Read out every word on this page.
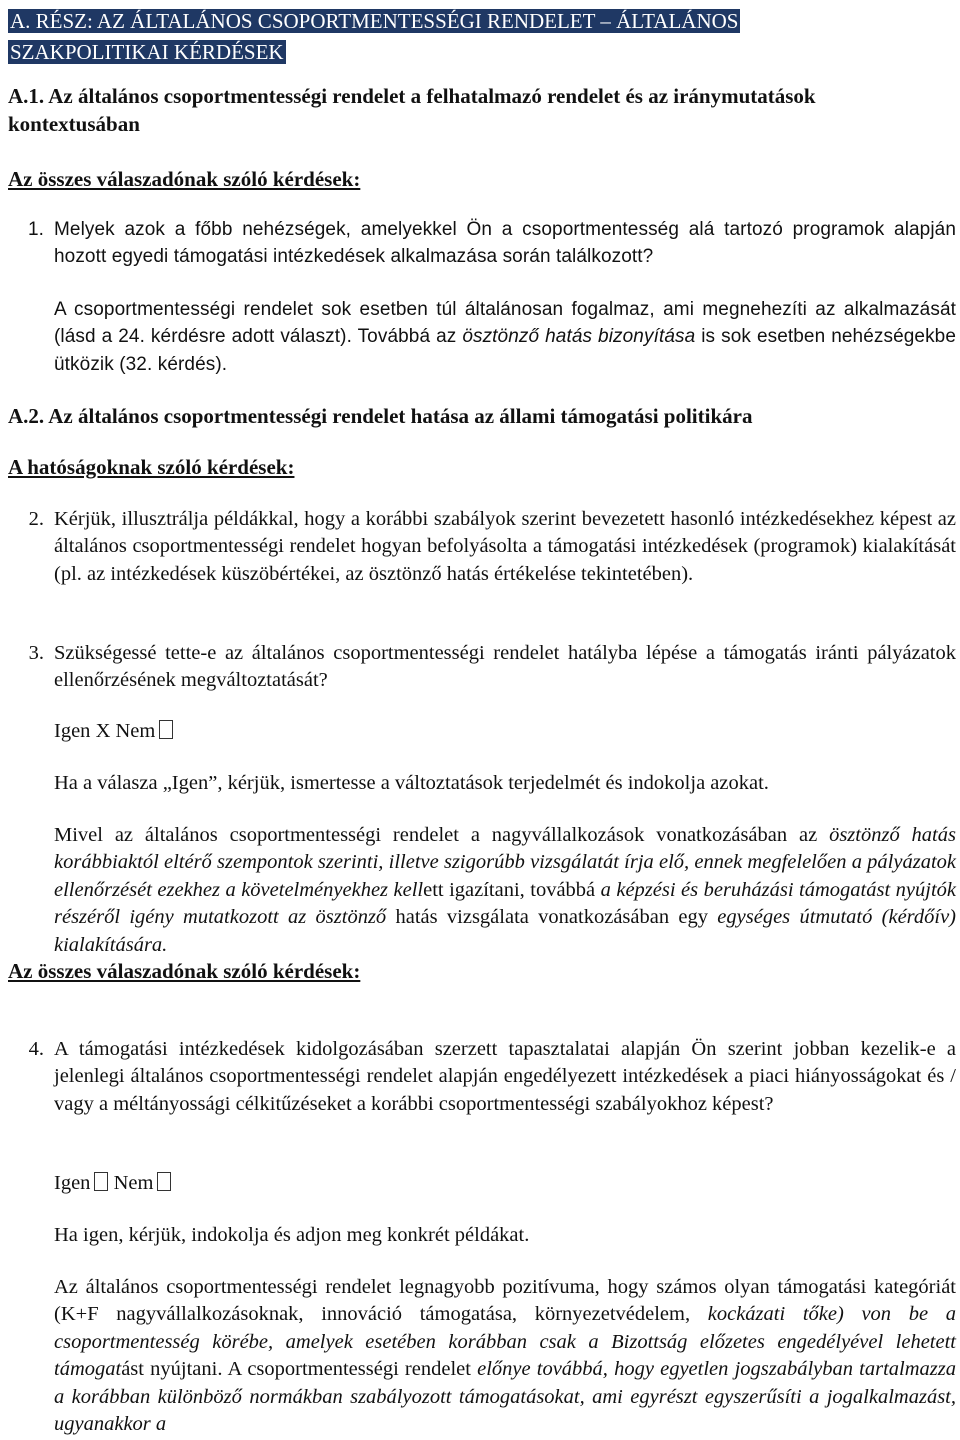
A. RÉSZ: AZ ÁLTALÁNOS CSOPORTMENTESSÉGI RENDELET – ÁLTALÁNOS SZAKPOLITIKAI KÉRDÉSEK
A.1. Az általános csoportmentességi rendelet a felhatalmazó rendelet és az iránymutatások kontextusában
Az összes válaszadónak szóló kérdések:
1. Melyek azok a főbb nehézségek, amelyekkel Ön a csoportmentesség alá tartozó programok alapján hozott egyedi támogatási intézkedések alkalmazása során találkozott?
A csoportmentességi rendelet sok esetben túl általánosan fogalmaz, ami megnehezíti az alkalmazását (lásd a 24. kérdésre adott választ). Továbbá az ösztönző hatás bizonyítása is sok esetben nehézségekbe ütközik (32. kérdés).
A.2. Az általános csoportmentességi rendelet hatása az állami támogatási politikára
A hatóságoknak szóló kérdések:
2. Kérjük, illusztrálja példákkal, hogy a korábbi szabályok szerint bevezetett hasonló intézkedésekhez képest az általános csoportmentességi rendelet hogyan befolyásolta a támogatási intézkedések (programok) kialakítását (pl. az intézkedések küszöbértékei, az ösztönző hatás értékelése tekintetében).
3. Szükségessé tette-e az általános csoportmentességi rendelet hatályba lépése a támogatás iránti pályázatok ellenőrzésének megváltoztatását?
Igen X Nem
Ha a válasza „Igen”, kérjük, ismertesse a változtatások terjedelmét és indokolja azokat.
Mivel az általános csoportmentességi rendelet a nagyvállalkozások vonatkozásában az ösztönző hatás korábbiaktól eltérő szempontok szerinti, illetve szigorúbb vizsgálatát írja elő, ennek megfelelően a pályázatok ellenőrzését ezekhez a követelményekhez kellett igazítani, továbbá a képzési és beruházási támogatást nyújtók részéről igény mutatkozott az ösztönző hatás vizsgálata vonatkozásában egy egységes útmutató (kérdőív) kialakítására.
Az összes válaszadónak szóló kérdések:
4. A támogatási intézkedések kidolgozásában szerzett tapasztalatai alapján Ön szerint jobban kezelik-e a jelenlegi általános csoportmentességi rendelet alapján engedélyezett intézkedések a piaci hiányosságokat és / vagy a méltányossági célkitűzéseket a korábbi csoportmentességi szabályokhoz képest?
Igen Nem
Ha igen, kérjük, indokolja és adjon meg konkrét példákat.
Az általános csoportmentességi rendelet legnagyobb pozitívuma, hogy számos olyan támogatási kategóriát (K+F nagyvállalkozásoknak, innováció támogatása, környezetvédelem, kockázati tőke) von be a csoportmentesség körébe, amelyek esetében korábban csak a Bizottság előzetes engedélyével lehetett támogatást nyújtani. A csoportmentességi rendelet előnye továbbá, hogy egyetlen jogszabályban tartalmazza a korábban különböző normákban szabályozott támogatásokat, ami egyrészt egyszerűsíti a jogalkalmazást, ugyanakkor a
